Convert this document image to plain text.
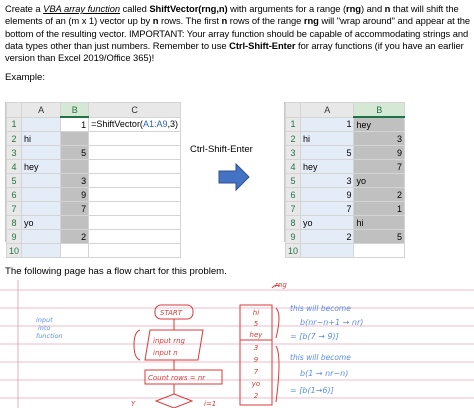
Create a VBA array function called ShiftVector(rng,n) with arguments for a range (rng) and n that will shift the elements of an (m x 1) vector up by n rows. The first n rows of the range rng will "wrap around" and appear at the bottom of the resulting vector. IMPORTANT: Your array function should be capable of accommodating strings and data types other than just numbers. Remember to use Ctrl-Shift-Enter for array functions (if you have an earlier version than Excel 2019/Office 365)!
Example:
	A	B	C
1		1	=ShiftVector(A1:A9,3)
2	hi		
3		5	
4	hey		
5		3	
6		9	
7		7	
8	yo		
9		2	
10			
Ctrl-Shift-Enter
	A	B
1	1	hey
2	hi	3

3	5	9

4	hey	7

5	3	yo
6	9	2

7	7	1

8	yo	hi
9	2	5

10	

The following page has a flow chart for this problem.
rng
START
input rng
input n
Count rows = nr
Y	i=1
hi
5
hey
3
9
7
yo
2
input
into
function
this will become
b(nr−n+1 → nr)
= [b(7 → 9)]
this will become
b(1 → nr−n)
= [b(1→6)]
